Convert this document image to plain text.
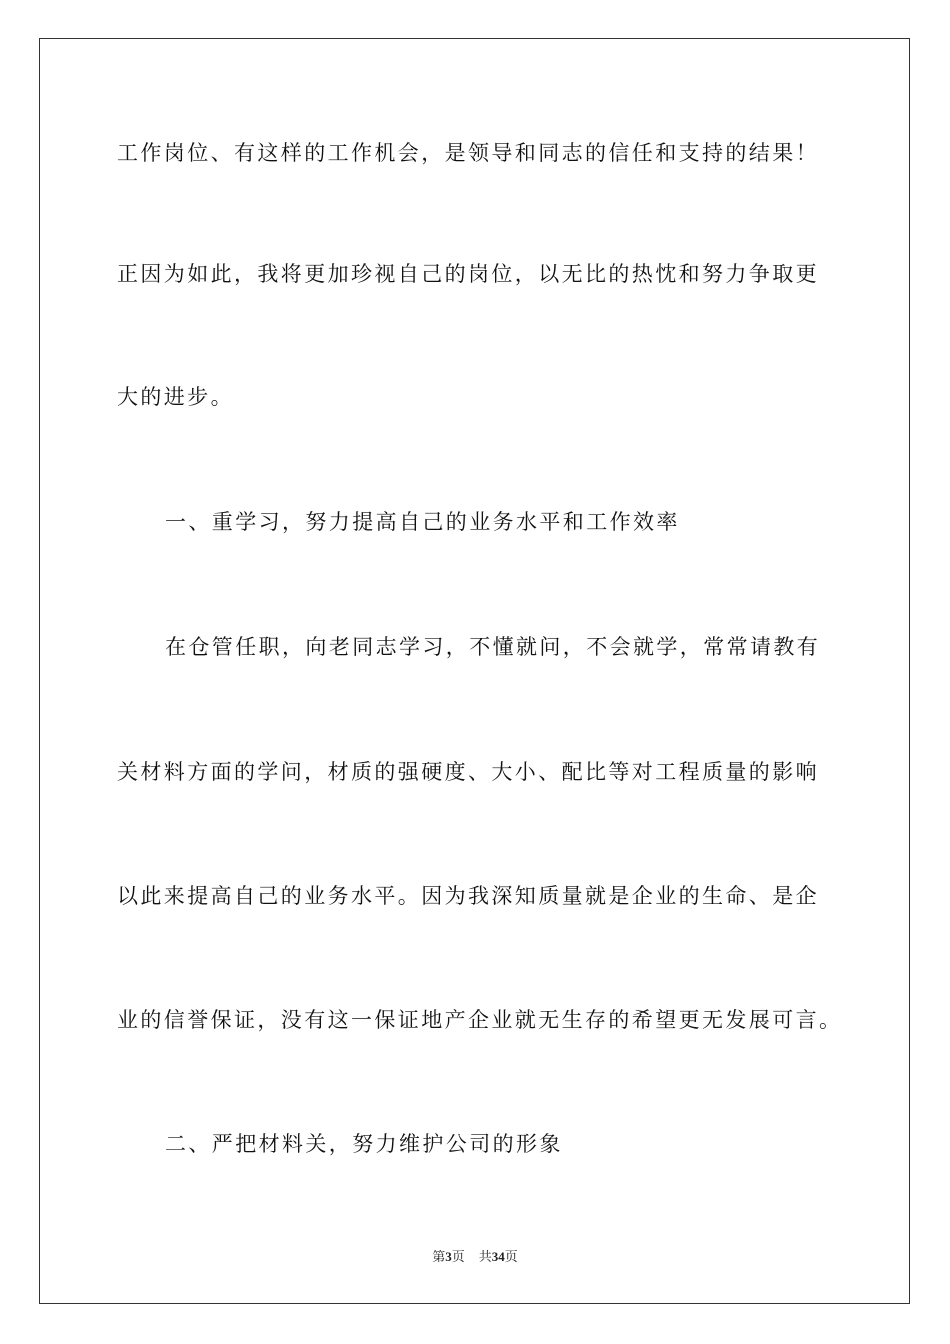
工作岗位、有这样的工作机会，是领导和同志的信任和支持的结果！
正因为如此，我将更加珍视自己的岗位，以无比的热忱和努力争取更
大的进步。
一、重学习，努力提高自己的业务水平和工作效率
在仓管任职，向老同志学习，不懂就问，不会就学，常常请教有
关材料方面的学问，材质的强硬度、大小、配比等对工程质量的影响
以此来提高自己的业务水平。因为我深知质量就是企业的生命、是企
业的信誉保证，没有这一保证地产企业就无生存的希望更无发展可言。
二、严把材料关，努力维护公司的形象
第3页 共34页
